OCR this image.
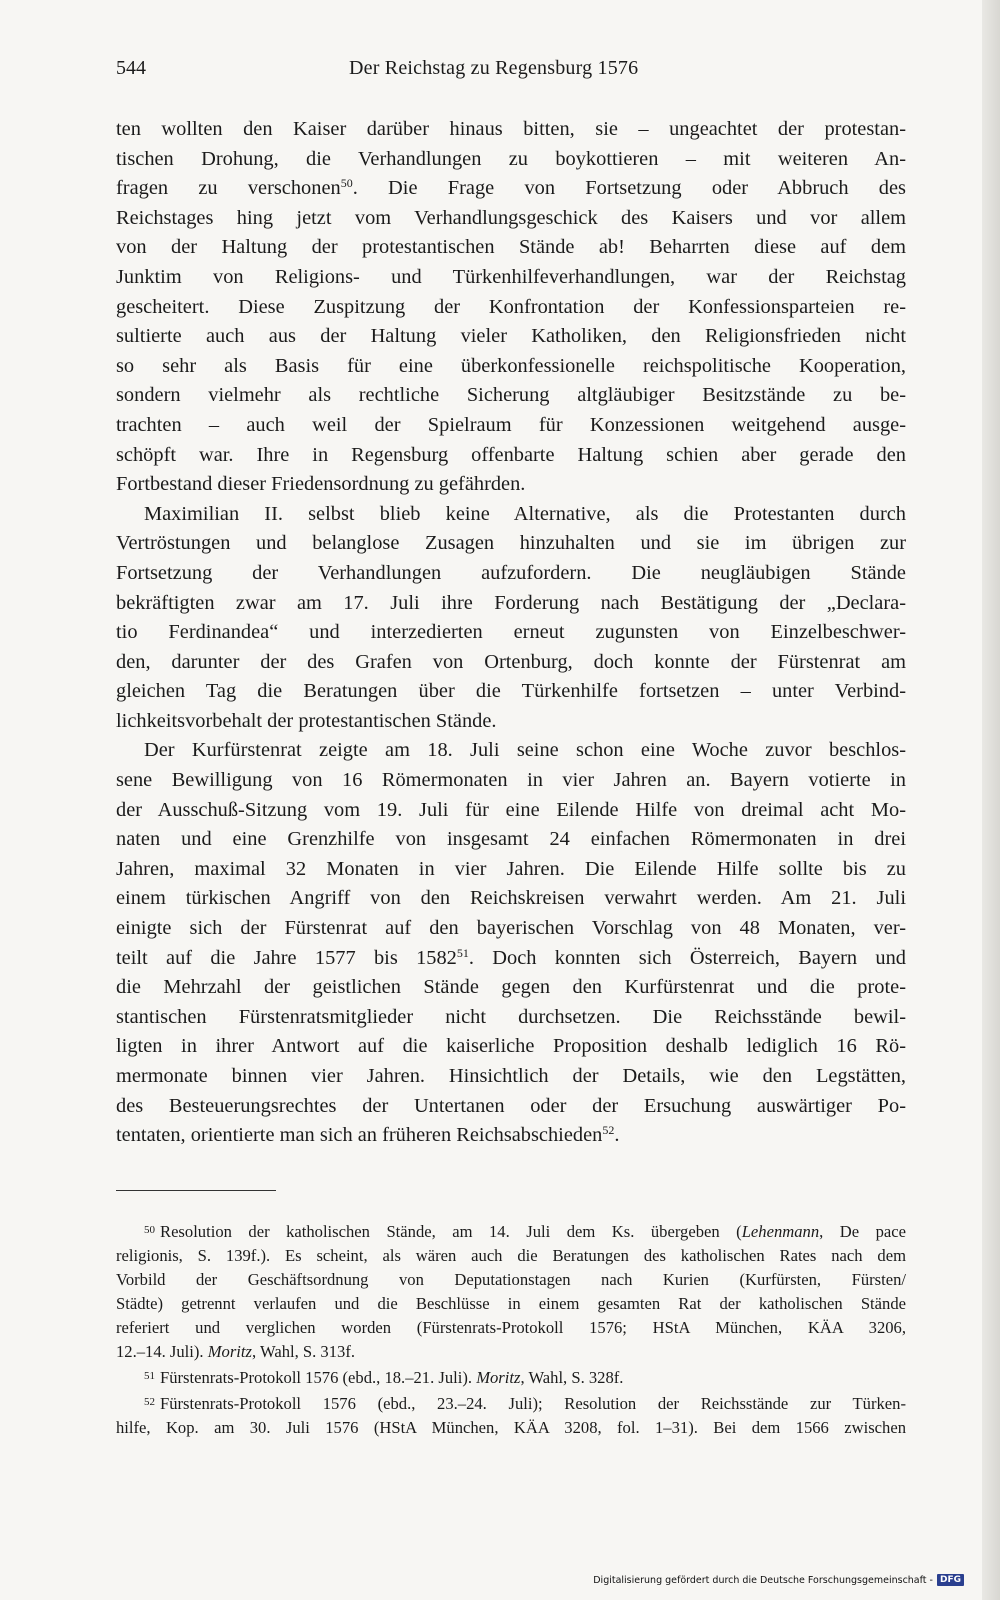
544	Der Reichstag zu Regensburg 1576
ten wollten den Kaiser darüber hinaus bitten, sie – ungeachtet der protestan-
tischen Drohung, die Verhandlungen zu boykottieren – mit weiteren An-
fragen zu verschonen$^{50}$. Die Frage von Fortsetzung oder Abbruch des
Reichstages hing jetzt vom Verhandlungsgeschick des Kaisers und vor allem
von der Haltung der protestantischen Stände ab! Beharrten diese auf dem
Junktim von Religions- und Türkenhilfeverhandlungen, war der Reichstag
gescheitert. Diese Zuspitzung der Konfrontation der Konfessionsparteien re-
sultierte auch aus der Haltung vieler Katholiken, den Religionsfrieden nicht
so sehr als Basis für eine überkonfessionelle reichspolitische Kooperation,
sondern vielmehr als rechtliche Sicherung altgläubiger Besitzstände zu be-
trachten – auch weil der Spielraum für Konzessionen weitgehend ausge-
schöpft war. Ihre in Regensburg offenbarte Haltung schien aber gerade den
Fortbestand dieser Friedensordnung zu gefährden.
Maximilian II. selbst blieb keine Alternative, als die Protestanten durch
Vertröstungen und belanglose Zusagen hinzuhalten und sie im übrigen zur
Fortsetzung der Verhandlungen aufzufordern. Die neugläubigen Stände
bekräftigten zwar am 17. Juli ihre Forderung nach Bestätigung der „Declara-
tio Ferdinandea“ und interzedierten erneut zugunsten von Einzelbeschwer-
den, darunter der des Grafen von Ortenburg, doch konnte der Fürstenrat am
gleichen Tag die Beratungen über die Türkenhilfe fortsetzen – unter Verbind-
lichkeitsvorbehalt der protestantischen Stände.
Der Kurfürstenrat zeigte am 18. Juli seine schon eine Woche zuvor beschlos-
sene Bewilligung von 16 Römermonaten in vier Jahren an. Bayern votierte in
der Ausschuß-Sitzung vom 19. Juli für eine Eilende Hilfe von dreimal acht Mo-
naten und eine Grenzhilfe von insgesamt 24 einfachen Römermonaten in drei
Jahren, maximal 32 Monaten in vier Jahren. Die Eilende Hilfe sollte bis zu
einem türkischen Angriff von den Reichskreisen verwahrt werden. Am 21. Juli
einigte sich der Fürstenrat auf den bayerischen Vorschlag von 48 Monaten, ver-
teilt auf die Jahre 1577 bis 1582$^{51}$. Doch konnten sich Österreich, Bayern und
die Mehrzahl der geistlichen Stände gegen den Kurfürstenrat und die prote-
stantischen Fürstenratsmitglieder nicht durchsetzen. Die Reichsstände bewil-
ligten in ihrer Antwort auf die kaiserliche Proposition deshalb lediglich 16 Rö-
mermonate binnen vier Jahren. Hinsichtlich der Details, wie den Legstätten,
des Besteuerungsrechtes der Untertanen oder der Ersuchung auswärtiger Po-
tentaten, orientierte man sich an früheren Reichsabschieden$^{52}$.
$^{50}$ Resolution der katholischen Stände, am 14. Juli dem Ks. übergeben (Lehenmann, De pace
religionis, S. 139f.). Es scheint, als wären auch die Beratungen des katholischen Rates nach dem
Vorbild der Geschäftsordnung von Deputationstagen nach Kurien (Kurfürsten, Fürsten/
Städte) getrennt verlaufen und die Beschlüsse in einem gesamten Rat der katholischen Stände
referiert und verglichen worden (Fürstenrats-Protokoll 1576; HStA München, KÄA 3206,
12.–14. Juli). Moritz, Wahl, S. 313f.
$^{51}$ Fürstenrats-Protokoll 1576 (ebd., 18.–21. Juli). Moritz, Wahl, S. 328f.
$^{52}$ Fürstenrats-Protokoll 1576 (ebd., 23.–24. Juli); Resolution der Reichsstände zur Türken-
hilfe, Kop. am 30. Juli 1576 (HStA München, KÄA 3208, fol. 1–31). Bei dem 1566 zwischen
Digitalisierung gefördert durch die Deutsche Forschungsgemeinschaft - DFG
